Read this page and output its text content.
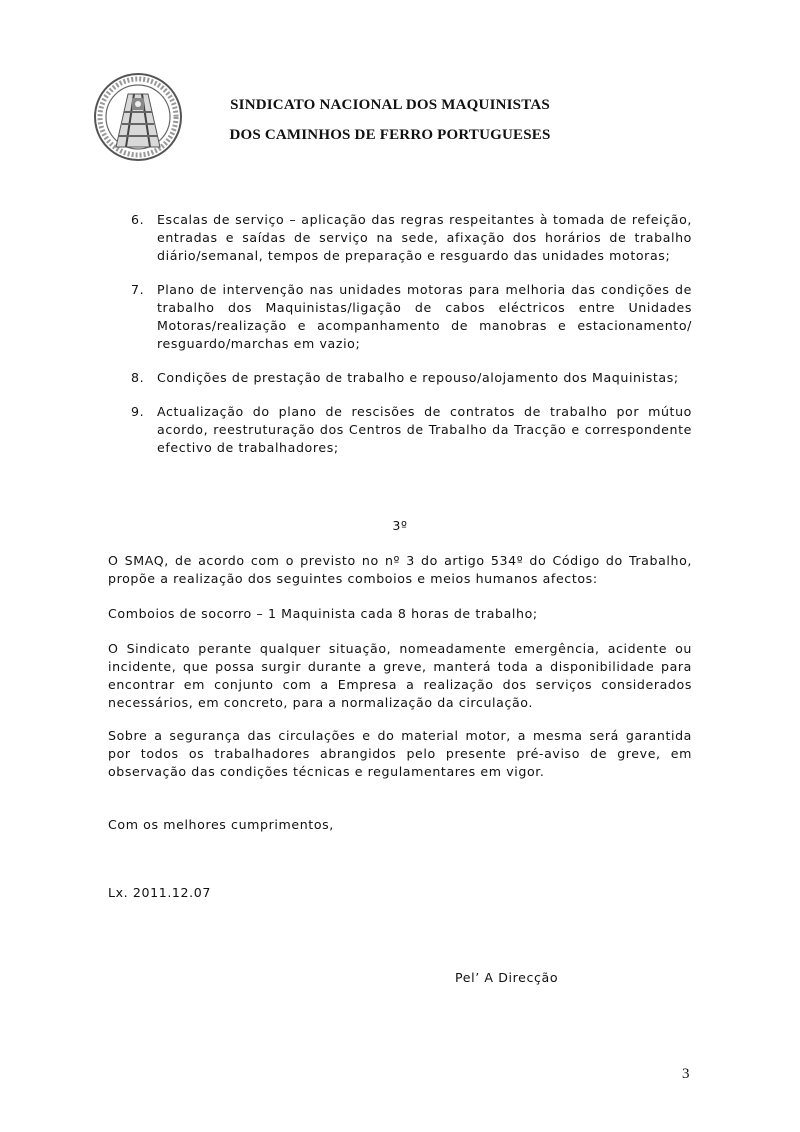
SINDICATO NACIONAL DOS MAQUINISTAS
DOS CAMINHOS DE FERRO PORTUGUESES
6. Escalas de serviço – aplicação das regras respeitantes à tomada de refeição, entradas e saídas de serviço na sede, afixação dos horários de trabalho diário/semanal, tempos de preparação e resguardo das unidades motoras;
7. Plano de intervenção nas unidades motoras para melhoria das condições de trabalho dos Maquinistas/ligação de cabos eléctricos entre Unidades Motoras/realização e acompanhamento de manobras e estacionamento/ resguardo/marchas em vazio;
8. Condições de prestação de trabalho e repouso/alojamento dos Maquinistas;
9. Actualização do plano de rescisões de contratos de trabalho por mútuo acordo, reestruturação dos Centros de Trabalho da Tracção e correspondente efectivo de trabalhadores;
3º

O SMAQ, de acordo com o previsto no nº 3 do artigo 534º do Código do Trabalho, propõe a realização dos seguintes comboios e meios humanos afectos:

Comboios de socorro – 1 Maquinista cada 8 horas de trabalho;

O Sindicato perante qualquer situação, nomeadamente emergência, acidente ou incidente, que possa surgir durante a greve, manterá toda a disponibilidade para encontrar em conjunto com a Empresa a realização dos serviços considerados necessários, em concreto, para a normalização da circulação.

Sobre a segurança das circulações e do material motor, a mesma será garantida por todos os trabalhadores abrangidos pelo presente pré-aviso de greve, em observação das condições técnicas e regulamentares em vigor.

Com os melhores cumprimentos,

Lx. 2011.12.07

Pel’ A Direcção
3
